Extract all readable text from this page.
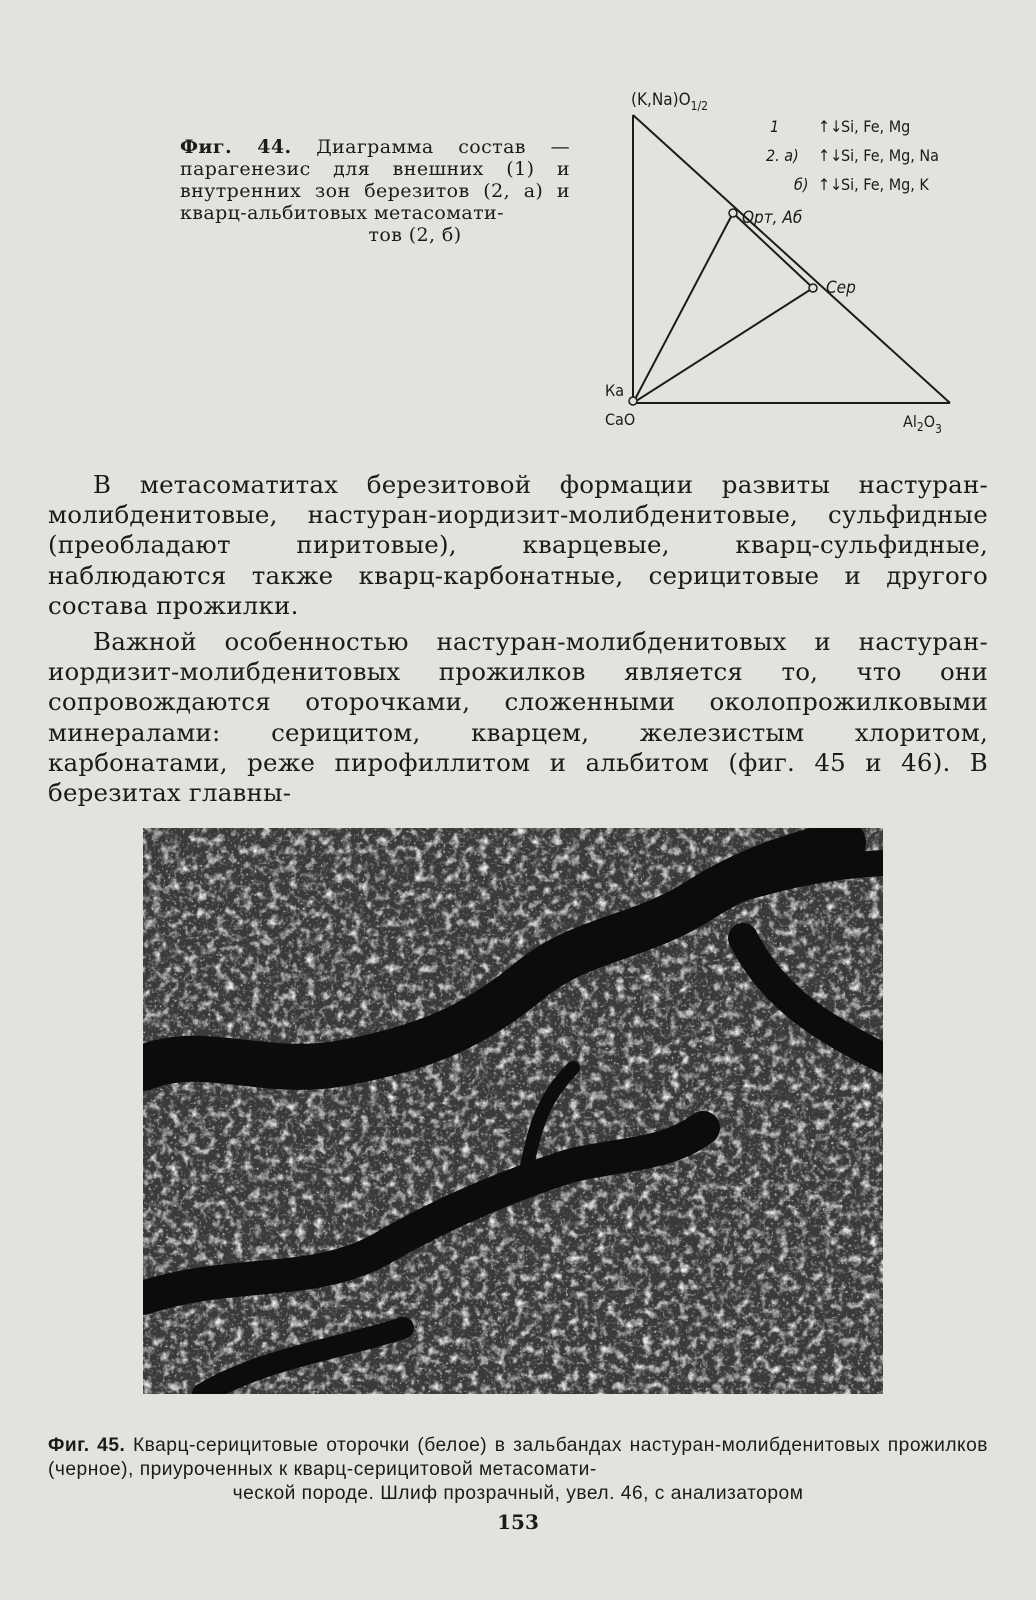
Фиг. 44. Диаграмма состав — парагенезис для внешних (1) и внутренних зон березитов (2, а) и кварц-альбитовых метасомати-
тов (2, б)
$(K,Na)O_{1/2}$
Ка
CaO	$Al_2O_3$
Орт, Аб
Сер
1 ↑↓
Si, Fe, Mg
2. а) ↑↓
Si, Fe, Mg, Na
б) ↑↓
Si, Fe, Mg, K

В метасоматитах березитовой формации развиты настуран-молибденитовые, настуран-иордизит-молибденитовые, сульфидные (преобладают пиритовые), кварцевые, кварц-сульфидные, наблюдаются также кварц-карбонатные, серицитовые и другого состава прожилки.

Важной особенностью настуран-молибденитовых и настуран-иордизит-молибденитовых прожилков является то, что они сопровождаются оторочками, сложенными околопрожилковыми минералами: серицитом, кварцем, железистым хлоритом, карбонатами, реже пирофиллитом и альбитом (фиг. 45 и 46). В березитах главны-

Фиг. 45. Кварц-серицитовые оторочки (белое) в зальбандах настуран-молибденитовых прожилков (черное), приуроченных к кварц-серицитовой метасомати-
ческой породе. Шлиф прозрачный, увел. 46, с анализатором
153
